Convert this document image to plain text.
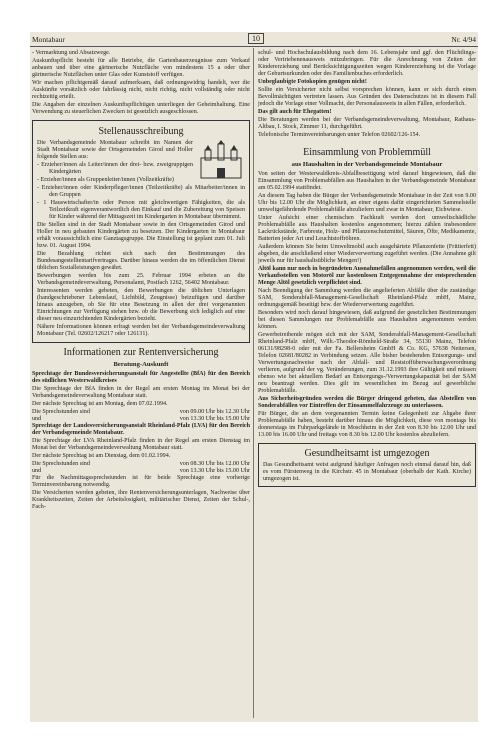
Montabaur	10	Nr. 4/94

- Vermarktung und Absatzwege.

Auskunftspflicht besteht für alle Betriebe, die Gartenbauerzeugnisse zum Verkauf anbauen und über eine gärtnerische Nutzfläche von mindestens 15 a oder über gärtnerische Nutzflächen unter Glas oder Kunststoff verfügen.

Wir machen pflichtgemäß darauf aufmerksam, daß ordnungswidrig handelt, wer die Auskünfte vorsätzlich oder fahrlässig nicht, nicht richtig, nicht vollständig oder nicht rechtzeitig erteilt.

Die Angaben der einzelnen Auskunftspflichtigen unterliegen der Geheimhaltung. Eine Verwendung zu steuerlichen Zwecken ist gesetzlich ausgeschlossen.

Stellenausschreibung

Die Verbandsgemeinde Montabaur schreibt im Namen der Stadt Montabaur sowie der Ortsgemeinden Girod und Holler folgende Stellen aus:

- Erzieher/innen als Leiter/innen der drei- bzw. zweigruppigen Kindergärten

- Erzieher/innen als Gruppenleiter/innen (Vollzeitkräfte)

- Erzieher/innen oder Kinderpfleger/innen (Teilzeitkräfte) als Mitarbeiter/innen in den Gruppen

- 1 Hauswirtschafter/in oder Person mit gleichwertigen Fähigkeiten, die als Teilzeitkraft eigenverantwortlich den Einkauf und die Zubereitung von Speisen für Kinder während der Mittagszeit im Kindergarten in Montabaur übernimmt.

Die Stellen sind in der Stadt Montabaur sowie in den Ortsgemeinden Girod und Holler in neu gebauten Kindergärten zu besetzen. Der Kindergarten in Montabaur erhält voraussichtlich eine Ganztagsgruppe. Die Einstellung ist geplant zum 01. Juli bzw. 01. August 1994.

Die Bezahlung richtet sich nach den Bestimmungen des Bundesangestelltentarifvertrages. Darüber hinaus werden die im öffentlichen Dienst üblichen Sozialleistungen gewährt.

Bewerbungen werden bis zum 25. Februar 1994 erbeten an die Verbandsgemeindeverwaltung, Personalamt, Postfach 1262, 56402 Montabaur.

Interessenten werden gebeten, den Bewerbungen die üblichen Unterlagen (handgeschriebener Lebenslauf, Lichtbild, Zeugnisse) beizufügen und darüber hinaus anzugeben, ob Sie für eine Besetzung in allen der drei vorgenannten Einrichtungen zur Verfügung stehen bzw. ob die Bewerbung sich lediglich auf eine dieser neu einzurichtenden Kindergärten bezieht.

Nähere Informationen können erfragt werden bei der Verbandsgemeindeverwaltung Montabaur (Tel. 02602/126217 oder 126131).

Informationen zur Rentenversicherung
Beratung-Auskunft

Sprechtage der Bundesversicherungsanstalt für Angestellte (BfA) für den Bereich des südlichen Westerwaldkreises

Die Sprechtage der BfA finden in der Regel am ersten Montag im Monat bei der Verbandsgemeindeverwaltung Montabaur statt.

Der nächste Sprechtag ist am Montag, dem 07.02.1994.

Die Sprechstunden sind	von 09.00 Uhr bis 12.30 Uhr
und	von 13.30 Uhr bis 15.00 Uhr

Sprechtage der Landesversicherungsanstalt Rheinland-Pfalz (LVA) für den Bereich der Verbandsgemeinde Montabaur.

Die Sprechtage der LVA Rheinland-Pfalz finden in der Regel am ersten Dienstag im Monat bei der Verbandsgemeindeverwaltung Montabaur statt.

Der nächste Sprechtag ist am Dienstag, dem 01.02.1994.

Die Sprechstunden sind	von 08.30 Uhr bis 12.00 Uhr
und	von 13.30 Uhr bis 15.00 Uhr

Für die Nachmittagssprechstunden ist für beide Sprechtage eine vorherige Terminvereinbarung notwendig.

Die Versicherten werden gebeten, ihre Rentenversicherungsunterlagen, Nachweise über Krankheitszeiten, Zeiten der Arbeitslosigkeit, militärischer Dienst, Zeiten der Schul-, Fach-

schul- und Hochschulausbildung nach dem 16. Lebensjahr und ggf. den Flüchtlings- oder Vertriebenenausweis mitzubringen. Für die Anrechnung von Zeiten der Kindererziehung und Berücksichtigungszeiten wegen Kindererziehung ist die Vorlage der Geburtsurkunden oder des Familienbuches erforderlich.

Unbeglaubigte Fotokopien genügen nicht!

Sollte ein Versicherter nicht selbst vorsprechen können, kann er sich durch einen Bevollmächtigten vertreten lassen. Aus Gründen des Datenschutzes ist in diesem Fall jedoch die Vorlage einer Vollmacht, der Personalausweis in allen Fällen, erforderlich.

Das gilt auch für Ehegatten!

Die Beratungen werden bei der Verbandsgemeindeverwaltung, Montabaur, Rathaus-Altbau, I. Stock, Zimmer 11, durchgeführt.

Telefonische Terminvereinbarungen unter Telefon 02602/126-154.

Einsammlung von Problemmüll
aus Haushalten in der Verbandsgemeinde Montabaur

Von seiten der Westerwaldkreis-Abfallbeseitigung wird darauf hingewiesen, daß die Einsammlung von Problemabfällen aus Haushalten in der Verbandsgemeinde Montabaur am 05.02.1994 stattfindet.

An diesem Tag haben die Bürger der Verbandsgemeinde Montabaur in der Zeit von 9.00 Uhr bis 12.00 Uhr die Möglichkeit, an einer eigens dafür eingerichteten Sammelstelle umweltgefährdende Problemabfälle abzuliefern und zwar in Montabaur, Eichwiese.

Unter Aufsicht einer chemischen Fachkraft werden dort umweltschädliche Problemabfälle aus Haushalten kostenlos angenommen; hierzu zählen insbesondere Lackrückstände, Farbreste, Holz- und Pflanzenschutzmittel, Säuren, Öfte, Medikamente, Batterien jeder Art und Leuchtstoffröhren.

Außerdem können Sie beim Umweltmobil auch ausgehärtete Pflanzenfette (Frittierfett) abgeben, die anschließend einer Wiederverwertung zugeführt werden. (Die Annahme gilt jeweils nur für haushaltsübliche Mengen!)

Altöl kann nur noch in begründeten Ausnahmefällen angenommen werden, weil die Verkaufsstellen von Motoröl zur kostenlosen Entgegennahme der entsprechenden Menge Altöl gesetzlich verpflichtet sind.

Nach Beendigung der Sammlung werden die angelieferten Abfälle über die zuständige SAM, Sonderabfall-Management-Gesellschaft Rheinland-Pfalz mbH, Mainz, ordnungsgemäß beseitigt bzw. der Wiederverwertung zugeführt.

Besonders wird noch darauf hingewiesen, daß aufgrund der gesetzlichen Bestimmungen bei diesen Sammlungen nur Problemabfälle aus Haushalten angenommen werden können.

Gewerbetreibende mögen sich mit der SAM, Sonderabfall-Management-Gesellschaft Rheinland-Pfalz mbH, Wilh.-Theodor-Römheld-Straße 34, 55130 Mainz, Telefon 06131/98298-0 oder mit der Fa. Bellersheim GmbH & Co. KG, 57638 Neitersen, Telefon 02681/80282 in Verbindung setzen. Alle bisher bestehenden Entsorgungs- und Verwertungsnachweise nach der Abfall- und Reststoffüberwachungsverordnung verlieren, aufgrund der vg. Veränderungen, zum 31.12.1993 ihre Gültigkeit und müssen ebenso wie bei aktuellem Bedarf an Entsorgungs-/Verwertungskapazität bei der SAM neu beantragt werden. Dies gilt im wesentlichen im Bezug auf gewerbliche Problemabfälle.

Aus Sicherheitsgründen werden die Bürger dringend gebeten, das Abstellen von Sonderabfällen vor Eintreffen der Einsammelfahrzeuge zu unterlassen.

Für Bürger, die an dem vorgenannten Termin keine Gelegenheit zur Abgabe ihrer Problemabfälle haben, besteht darüber hinaus die Möglichkeit, diese von montags bis donnerstags im Fuhrparkgelände in Moschheim in der Zeit von 8.30 bis 12.00 Uhr und 13.00 bis 16.00 Uhr und freitags von 8.30 bis 12.00 Uhr kostenlos abzuliefern.

Gesundheitsamt ist umgezogen

Das Gesundheitsamt weist aufgrund häufiger Anfragen noch einmal darauf hin, daß es vom Fürstenweg in die Kirchstr. 45 in Montabaur (oberhalb der Kath. Kirche) umgezogen ist.
